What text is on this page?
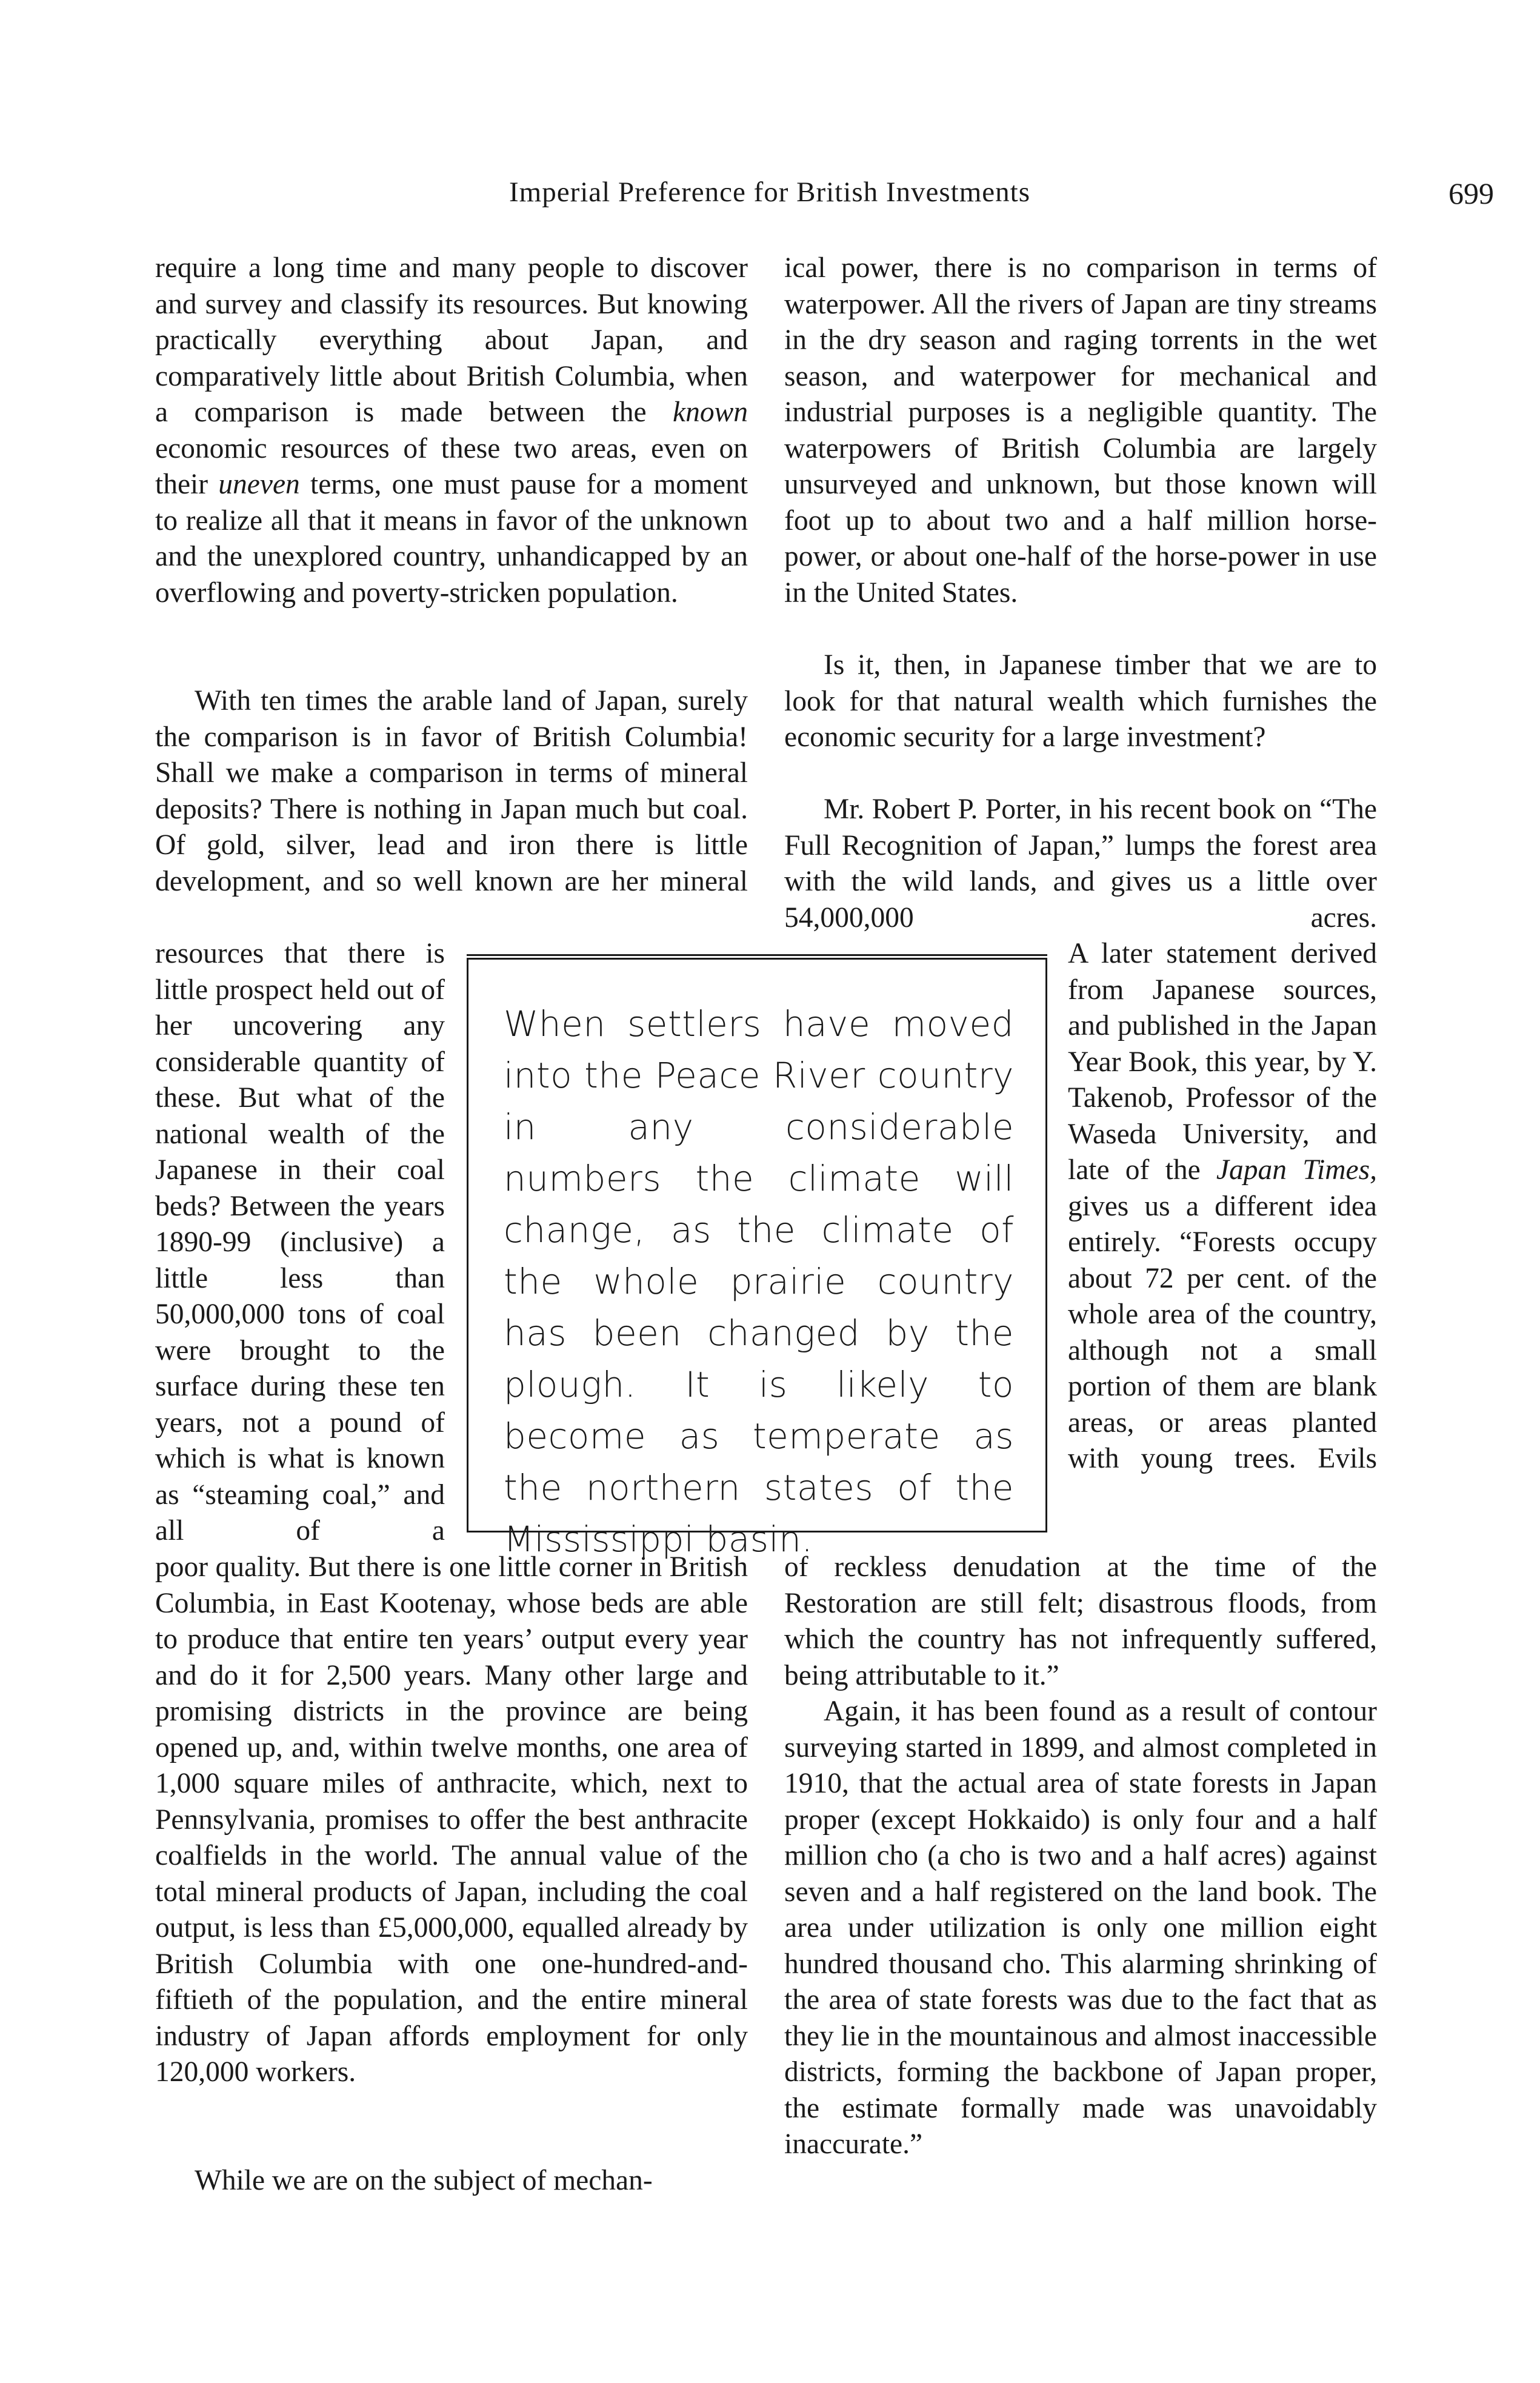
Imperial Preference for British Investments	699

require a long time and many people to discover and survey and classify its resources. But knowing practically everything about Japan, and comparatively little about British Columbia, when a comparison is made between the known economic resources of these two areas, even on their uneven terms, one must pause for a moment to realize all that it means in favor of the unknown and the unexplored country, unhandicapped by an overflowing and poverty-stricken population.

With ten times the arable land of Japan, surely the comparison is in favor of British Columbia! Shall we make a comparison in terms of mineral deposits? There is nothing in Japan much but coal. Of gold, silver, lead and iron there is little development, and so well known are her mineral

resources that there is little prospect held out of her uncovering any considerable quantity of these. But what of the national wealth of the Japanese in their coal beds? Between the years 1890-99 (inclusive) a little less than 50,000,000 tons of coal were brought to the surface during these ten years, not a pound of which is what is known as “steaming coal,” and all of a

poor quality. But there is one little corner in British Columbia, in East Kootenay, whose beds are able to produce that entire ten years’ output every year and do it for 2,500 years. Many other large and promising districts in the province are being opened up, and, within twelve months, one area of 1,000 square miles of anthracite, which, next to Pennsylvania, promises to offer the best anthracite coalfields in the world. The annual value of the total mineral products of Japan, including the coal output, is less than £5,000,000, equalled already by British Columbia with one one-hundred-and-fiftieth of the population, and the entire mineral industry of Japan affords employment for only 120,000 workers.

While we are on the subject of mechan-

ical power, there is no comparison in terms of waterpower. All the rivers of Japan are tiny streams in the dry season and raging torrents in the wet season, and waterpower for mechanical and industrial purposes is a negligible quantity. The waterpowers of British Columbia are largely unsurveyed and unknown, but those known will foot up to about two and a half million horse-power, or about one-half of the horse-power in use in the United States.

Is it, then, in Japanese timber that we are to look for that natural wealth which furnishes the economic security for a large investment?

Mr. Robert P. Porter, in his recent book on “The Full Recognition of Japan,” lumps the forest area with the wild lands, and gives us a little over 54,000,000 acres.

A later statement derived from Japanese sources, and published in the Japan Year Book, this year, by Y. Takenob, Professor of the Waseda University, and late of the Japan Times, gives us a different idea entirely. “Forests occupy about 72 per cent. of the whole area of the country, although not a small portion of them are blank areas, or areas planted with young trees. Evils

of reckless denudation at the time of the Restoration are still felt; disastrous floods, from which the country has not infrequently suffered, being attributable to it.”

Again, it has been found as a result of contour surveying started in 1899, and almost completed in 1910, that the actual area of state forests in Japan proper (except Hokkaido) is only four and a half million cho (a cho is two and a half acres) against seven and a half registered on the land book. The area under utilization is only one million eight hundred thousand cho. This alarming shrinking of the area of state forests was due to the fact that as they lie in the mountainous and almost inaccessible districts, forming the backbone of Japan proper, the estimate formally made was unavoidably inaccurate.”

When settlers have moved into the Peace River country in any considerable numbers the climate will change, as the climate of the whole prairie country has been changed by the plough. It is likely to become as temperate as the northern states of the Mississippi basin.
